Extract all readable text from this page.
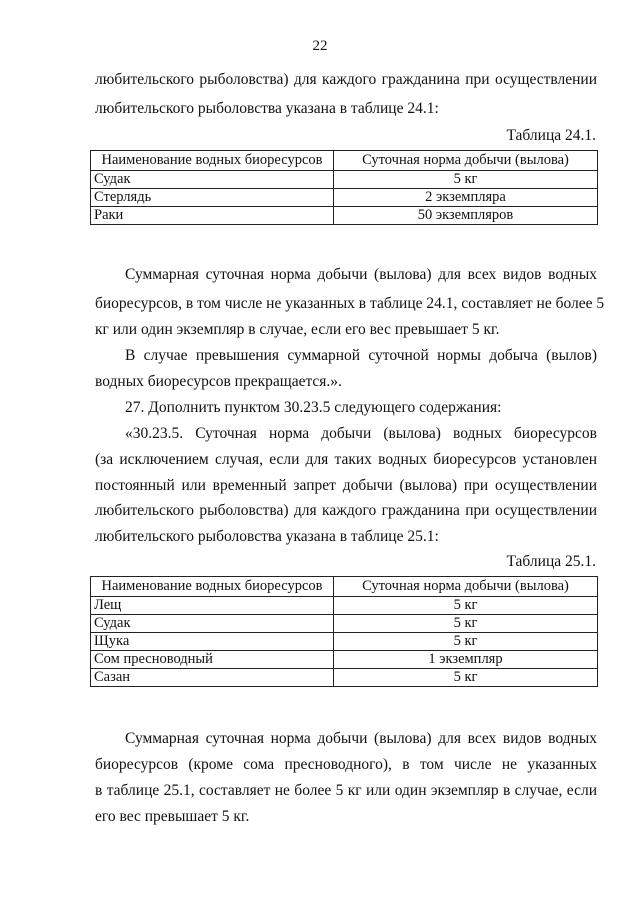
22
любительского рыболовства) для каждого гражданина при осуществлении
любительского рыболовства указана в таблице 24.1:
Таблица 24.1.
Наименование водных биоресурсов	Суточная норма добычи (вылова)
Судак	5 кг
Стерлядь	2 экземпляра
Раки	50 экземпляров
Суммарная суточная норма добычи (вылова) для всех видов водных
биоресурсов, в том числе не указанных в таблице 24.1, составляет не более 5
кг или один экземпляр в случае, если его вес превышает 5 кг.
В случае превышения суммарной суточной нормы добыча (вылов)
водных биоресурсов прекращается.».
27. Дополнить пунктом 30.23.5 следующего содержания:
«30.23.5. Суточная норма добычи (вылова) водных биоресурсов
(за исключением случая, если для таких водных биоресурсов установлен
постоянный или временный запрет добычи (вылова) при осуществлении
любительского рыболовства) для каждого гражданина при осуществлении
любительского рыболовства указана в таблице 25.1:
Таблица 25.1.
Наименование водных биоресурсов	Суточная норма добычи (вылова)
Лещ	5 кг
Судак	5 кг
Щука	5 кг
Сом пресноводный	1 экземпляр
Сазан	5 кг
Суммарная суточная норма добычи (вылова) для всех видов водных
биоресурсов (кроме сома пресноводного), в том числе не указанных
в таблице 25.1, составляет не более 5 кг или один экземпляр в случае, если
его вес превышает 5 кг.
